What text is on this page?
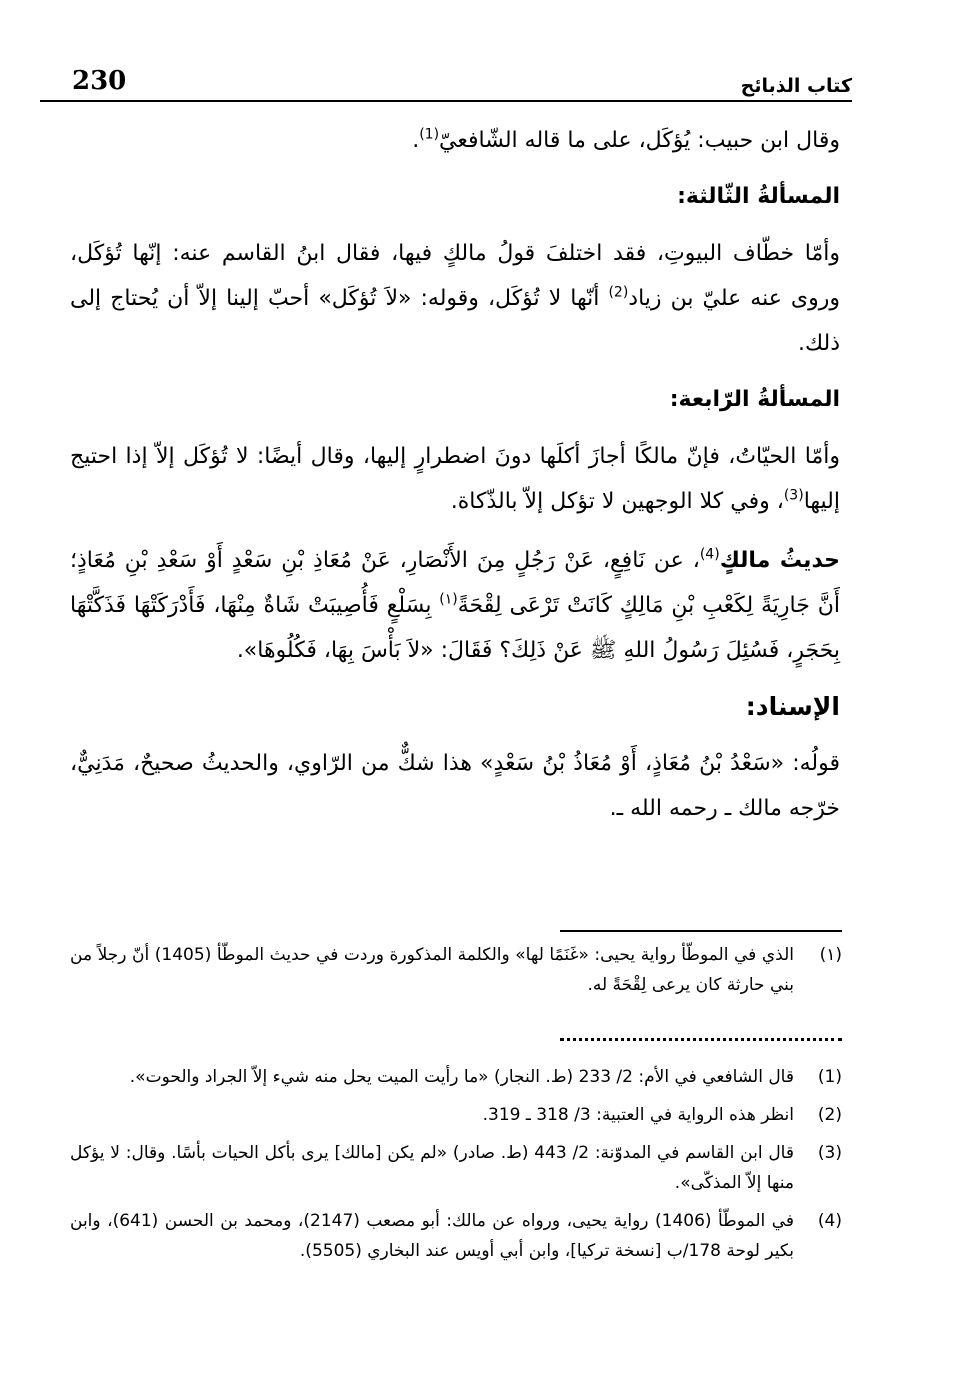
230	كتاب الذبائح

وقال ابن حبيب: يُؤكَل، على ما قاله الشّافعيّ$^{(1)}$.

المسألةُ الثّالثة:

وأمّا خطّاف البيوتِ، فقد اختلفَ قولُ مالكٍ فيها، فقال ابنُ القاسم عنه: إنّها تُؤكَل، وروى عنه عليّ بن زياد$^{(2)}$ أنّها لا تُؤكَل، وقوله: «لاَ تُؤكَل» أحبّ إلينا إلاّ أن يُحتاج إلى ذلك.

المسألةُ الرّابعة:

وأمّا الحيّاتُ، فإنّ مالكًا أجازَ أكلَها دونَ اضطرارٍ إليها، وقال أيضًا: لا تُؤكَل إلاّ إذا احتيج إليها$^{(3)}$، وفي كلا الوجهين لا تؤكل إلاّ بالذّكاة.

حديثُ مالكٍ$^{(4)}$، عن نَافِعٍ، عَنْ رَجُلٍ مِنَ الأَنْصَارِ، عَنْ مُعَاذِ بْنِ سَعْدٍ أَوْ سَعْدِ بْنِ مُعَاذٍ؛ أَنَّ جَارِيَةً لِكَعْبِ بْنِ مَالِكٍ كَانَتْ تَرْعَى لِقْحَةً$^{(١)}$ بِسَلْعٍ فَأُصِيبَتْ شَاةٌ مِنْهَا، فَأَدْرَكَتْهَا فَذَكَّتْهَا بِحَجَرٍ، فَسُئِلَ رَسُولُ اللهِ ﷺ عَنْ ذَلِكَ؟ فَقَالَ: «لاَ بَأْسَ بِهَا، فَكُلُوهَا».

الإسناد:

قولُه: «سَعْدُ بْنُ مُعَاذٍ، أَوْ مُعَاذُ بْنُ سَعْدٍ» هذا شكٌّ من الرّاوي، والحديثُ صحيحٌ، مَدَنِيٌّ، خرّجه مالك ـ رحمه الله ـ.

(١)
الذي في الموطّأ رواية يحيى: «غَنَمًا لها» والكلمة المذكورة وردت في حديث الموطّأ (1405) أنّ رجلاً من بني حارثة كان يرعى لِقْحَةً له.
(1)
قال الشافعي في الأم: 2/ 233 (ط. النجار) «ما رأيت الميت يحل منه شيء إلاّ الجراد والحوت».
(2)
انظر هذه الرواية في العتبية: 3/ 318 ـ 319.
(3)
قال ابن القاسم في المدوّنة: 2/ 443 (ط. صادر) «لم يكن [مالك] يرى بأكل الحيات بأسًا. وقال: لا يؤكل منها إلاّ المذكّى».
(4)
في الموطّأ (1406) رواية يحيى، ورواه عن مالك: أبو مصعب (2147)، ومحمد بن الحسن (641)، وابن بكير لوحة 178/ب [نسخة تركيا]، وابن أبي أويس عند البخاري (5505).
